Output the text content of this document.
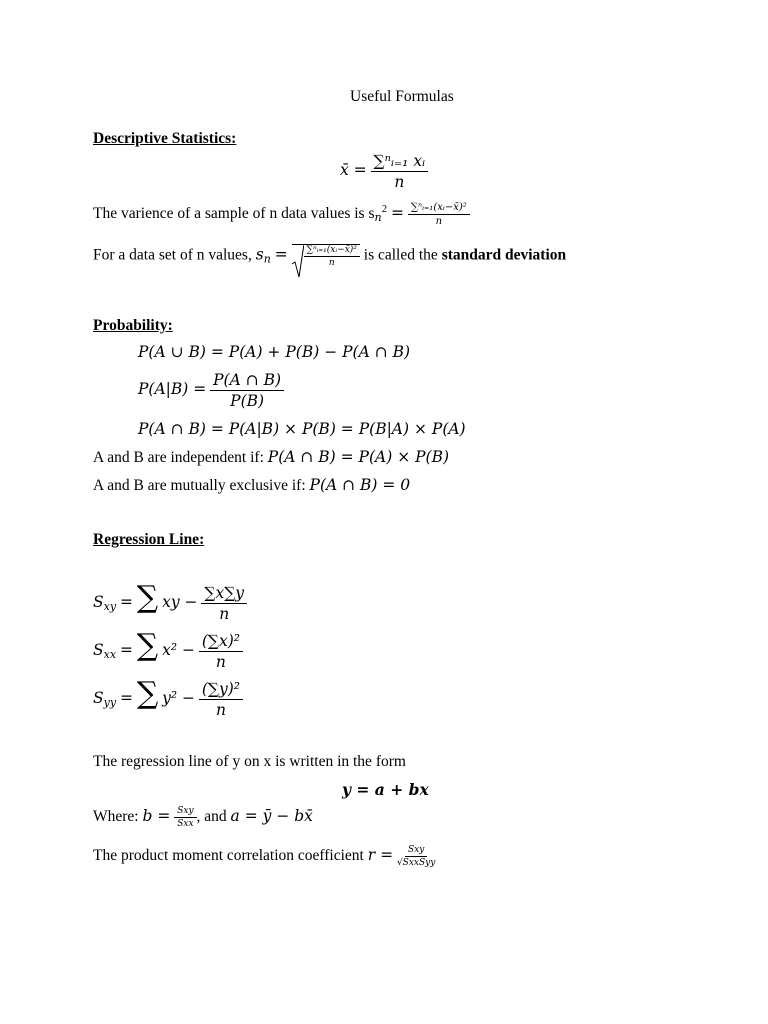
Useful Formulas
Descriptive Statistics:
x̄ = $\frac{\text{∑ⁿᵢ₌₁ xᵢ}}{n}$
The varience of a sample of n data values is $s_n^2 = \frac{\text{∑ⁿᵢ₌₁(xᵢ−x̄)²}}{n}$
For a data set of n values, $s_n = \frac{\text{∑ⁿᵢ₌₁(xᵢ−x̄)²}}{n}$ is called the standard deviation
Probability:
P(A ∪ B) = P(A) + P(B) − P(A ∩ B)
$P(A|B) = \frac{P(A \cap B)}{P(B)}$
P(A ∩ B) = P(A|B) × P(B) = P(B|A) × P(A)
A and B are independent if: P(A ∩ B) = P(A) × P(B)
A and B are mutually exclusive if: P(A ∩ B) = 0
Regression Line:
$S_{xy}$ = ∑ xy − $\frac{\sum x\sum y}{n}$
$S_{xx}$ = ∑ $x^2 - \frac{\text{(∑x)²}}{n}$
$S_{yy}$ = ∑ $y^2 - \frac{\text{(∑y)²}}{n}$
The regression line of y on x is written in the form
y = a + bx
Where: $b = \frac{\text{Sxy}}{\text{Sxx}}$ , and a = ȳ − bx̄
The product moment correlation coefficient $r = \frac{\text{Sxy}}{\text{√SxxSyy}}$
